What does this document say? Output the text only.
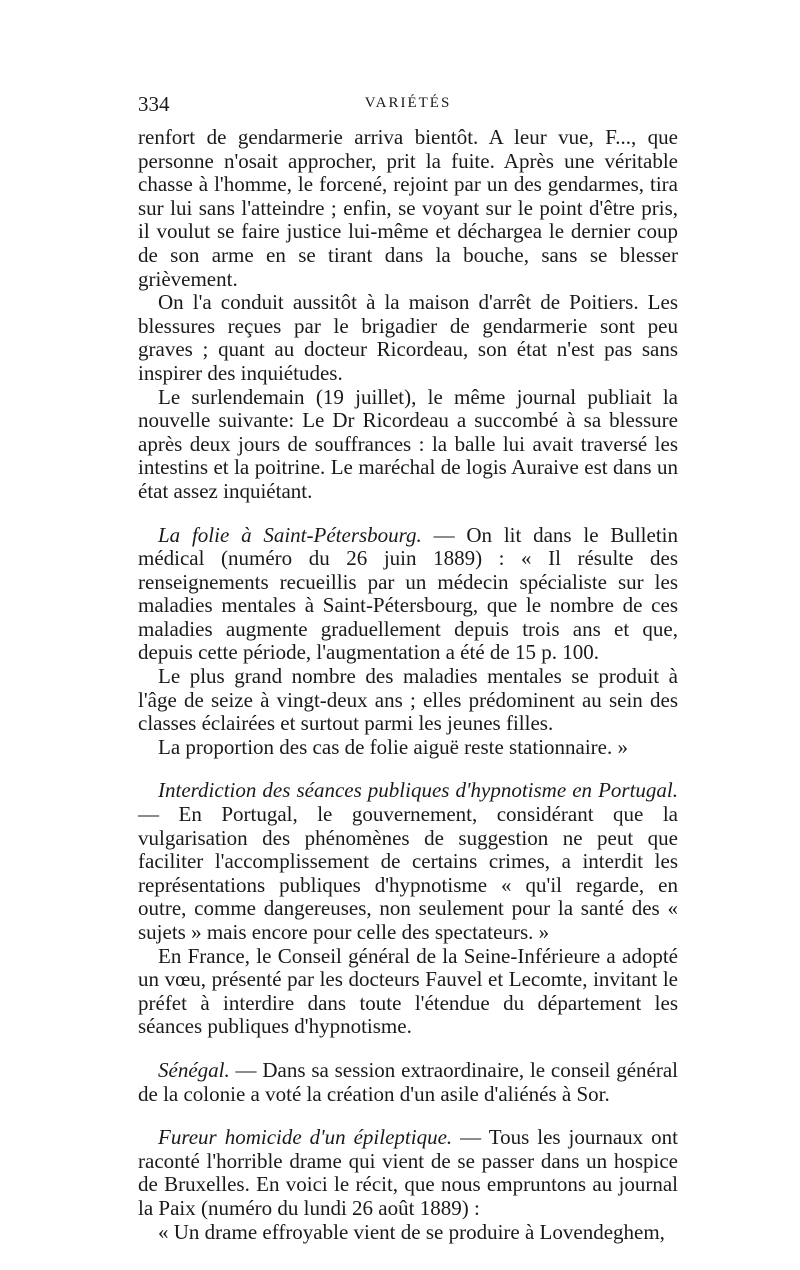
334	VARIÉTÉS

renfort de gendarmerie arriva bientôt. A leur vue, F..., que personne n'osait approcher, prit la fuite. Après une véritable chasse à l'homme, le forcené, rejoint par un des gendarmes, tira sur lui sans l'atteindre ; enfin, se voyant sur le point d'être pris, il voulut se faire justice lui-même et déchargea le dernier coup de son arme en se tirant dans la bouche, sans se blesser grièvement.

On l'a conduit aussitôt à la maison d'arrêt de Poitiers. Les blessures reçues par le brigadier de gendarmerie sont peu graves ; quant au docteur Ricordeau, son état n'est pas sans inspirer des inquiétudes.

Le surlendemain (19 juillet), le même journal publiait la nouvelle suivante: Le Dr Ricordeau a succombé à sa blessure après deux jours de souffrances : la balle lui avait traversé les intestins et la poitrine. Le maréchal de logis Auraive est dans un état assez inquiétant.

La folie à Saint-Pétersbourg. — On lit dans le Bulletin médical (numéro du 26 juin 1889) : « Il résulte des renseignements recueillis par un médecin spécialiste sur les maladies mentales à Saint-Pétersbourg, que le nombre de ces maladies augmente graduellement depuis trois ans et que, depuis cette période, l'augmentation a été de 15 p. 100.

Le plus grand nombre des maladies mentales se produit à l'âge de seize à vingt-deux ans ; elles prédominent au sein des classes éclairées et surtout parmi les jeunes filles.

La proportion des cas de folie aiguë reste stationnaire. »

Interdiction des séances publiques d'hypnotisme en Portugal. — En Portugal, le gouvernement, considérant que la vulgarisation des phénomènes de suggestion ne peut que faciliter l'accomplissement de certains crimes, a interdit les représentations publiques d'hypnotisme « qu'il regarde, en outre, comme dangereuses, non seulement pour la santé des « sujets » mais encore pour celle des spectateurs. »

En France, le Conseil général de la Seine-Inférieure a adopté un vœu, présenté par les docteurs Fauvel et Lecomte, invitant le préfet à interdire dans toute l'étendue du département les séances publiques d'hypnotisme.

Sénégal. — Dans sa session extraordinaire, le conseil général de la colonie a voté la création d'un asile d'aliénés à Sor.

Fureur homicide d'un épileptique. — Tous les journaux ont raconté l'horrible drame qui vient de se passer dans un hospice de Bruxelles. En voici le récit, que nous empruntons au journal la Paix (numéro du lundi 26 août 1889) :

« Un drame effroyable vient de se produire à Lovendeghem,
